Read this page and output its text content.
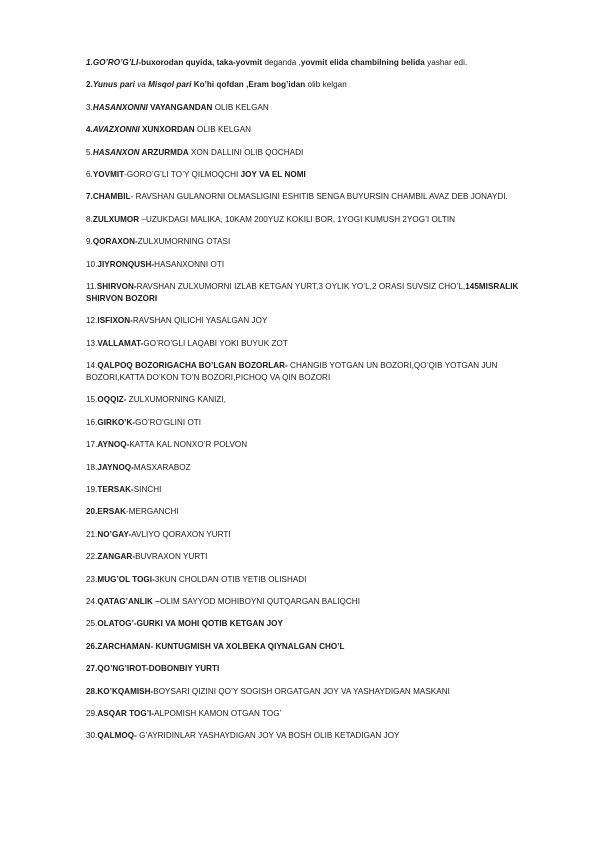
1.GO’RO’G’LI-buxorodan quyida, taka-yovmit deganda ,yovmit elida chambilning belida yashar edi.

2.Yunus pari va Misqol pari Ko’hi qofdan ,Eram bog’idan olib kelgan

3.HASANXONNI VAYANGANDAN OLIB KELGAN

4.AVAZXONNI XUNXORDAN OLIB KELGAN

5.HASANXON ARZURMDA XON DALLINI OLIB QOCHADI

6.YOVMIT-GORO’G’LI TO’Y QILMOQCHI JOY VA EL NOMI

7.CHAMBIL- RAVSHAN GULANORNI OLMASLIGINI ESHITIB SENGA BUYURSIN CHAMBIL AVAZ DEB JONAYDI.

8.ZULXUMOR –UZUKDAGI MALIKA, 10KAM 200YUZ KOKILI BOR, 1YOGI KUMUSH 2YOG’I OLTIN

9.QORAXON-ZULXUMORNING OTASI

10.JIYRONQUSH-HASANXONNI OTI

11.SHIRVON-RAVSHAN ZULXUMORNI IZLAB KETGAN YURT,3 OYLIK YO’L,2 ORASI SUVSIZ CHO’L,145MISRALIK SHIRVON BOZORI

12.ISFIXON-RAVSHAN QILICHI YASALGAN JOY

13.VALLAMAT-GO’RO’GLI LAQABI YOKI BUYUK ZOT

14.QALPOQ BOZORIGACHA BO’LGAN BOZORLAR- CHANGIB YOTGAN UN BOZORI,QO’QIB YOTGAN JUN BOZORI,KATTA DO’KON TO’N BOZORI,PICHOQ VA QIN BOZORI

15.OQQIZ- ZULXUMORNING KANIZI,

16.GIRKO’K-GO’RO’GLINI OTI

17.AYNOQ-KATTA KAL NONXO’R POLVON

18.JAYNOQ-MASXARABOZ

19.TERSAK-SINCHI

20.ERSAK-MERGANCHI

21.NO’GAY-AVLIYO QORAXON YURTI

22.ZANGAR-BUVRAXON YURTI

23.MUG’OL TOGI-3KUN CHOLDAN OTIB YETIB OLISHADI

24.QATAG’ANLIK –OLIM SAYYOD MOHIBOYNI QUTQARGAN BALIQCHI

25.OLATOG’-GURKI VA MOHI QOTIB KETGAN JOY

26.ZARCHAMAN- KUNTUGMISH VA XOLBEKA QIYNALGAN CHO’L

27.QO’NG’IROT-DOBONBIY YURTI

28.KO’KQAMISH-BOYSARI QIZINI QO’Y SOGISH ORGATGAN JOY VA YASHAYDIGAN MASKANI

29.ASQAR TOG’I-ALPOMISH KAMON OTGAN TOG’

30.QALMOQ- G’AYRIDINLAR YASHAYDIGAN JOY VA BOSH OLIB KETADIGAN JOY
